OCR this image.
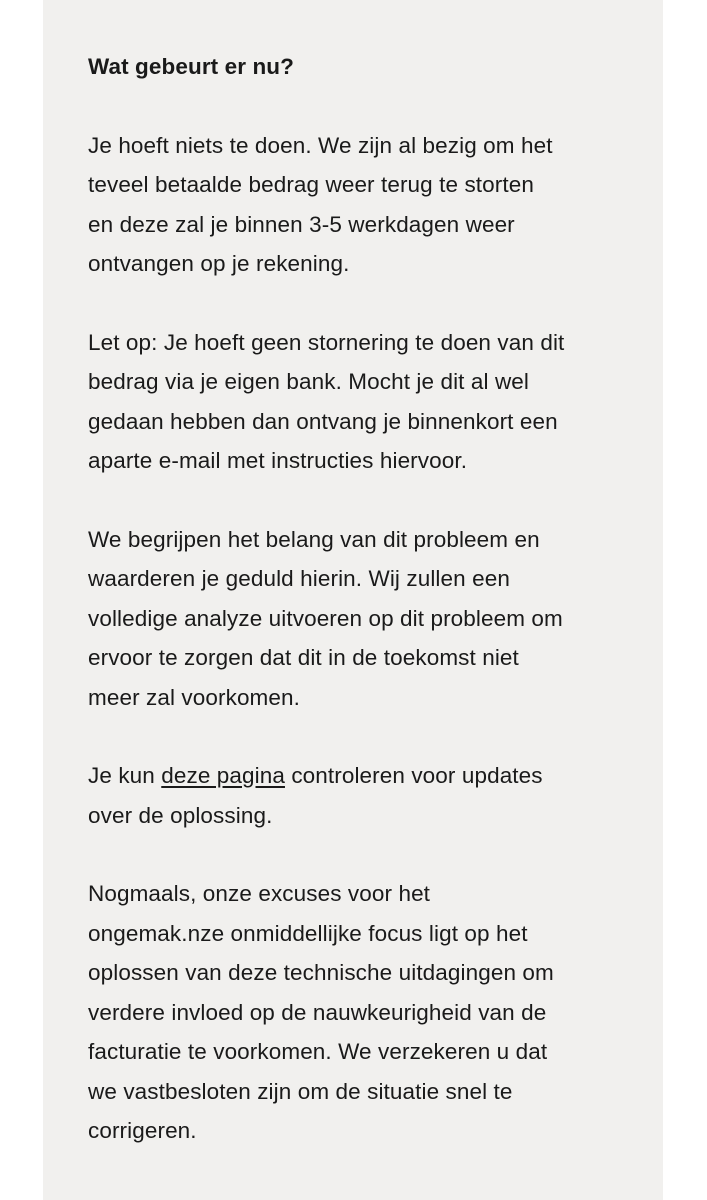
Wat gebeurt er nu?
Je hoeft niets te doen. We zijn al bezig om het
teveel betaalde bedrag weer terug te storten
en deze zal je binnen 3-5 werkdagen weer
ontvangen op je rekening.
Let op: Je hoeft geen stornering te doen van dit
bedrag via je eigen bank. Mocht je dit al wel
gedaan hebben dan ontvang je binnenkort een
aparte e-mail met instructies hiervoor.
We begrijpen het belang van dit probleem en
waarderen je geduld hierin. Wij zullen een
volledige analyze uitvoeren op dit probleem om
ervoor te zorgen dat dit in de toekomst niet
meer zal voorkomen.
Je kun deze pagina controleren voor updates
over de oplossing.
Nogmaals, onze excuses voor het
ongemak.nze onmiddellijke focus ligt op het
oplossen van deze technische uitdagingen om
verdere invloed op de nauwkeurigheid van de
facturatie te voorkomen. We verzekeren u dat
we vastbesloten zijn om de situatie snel te
corrigeren.
